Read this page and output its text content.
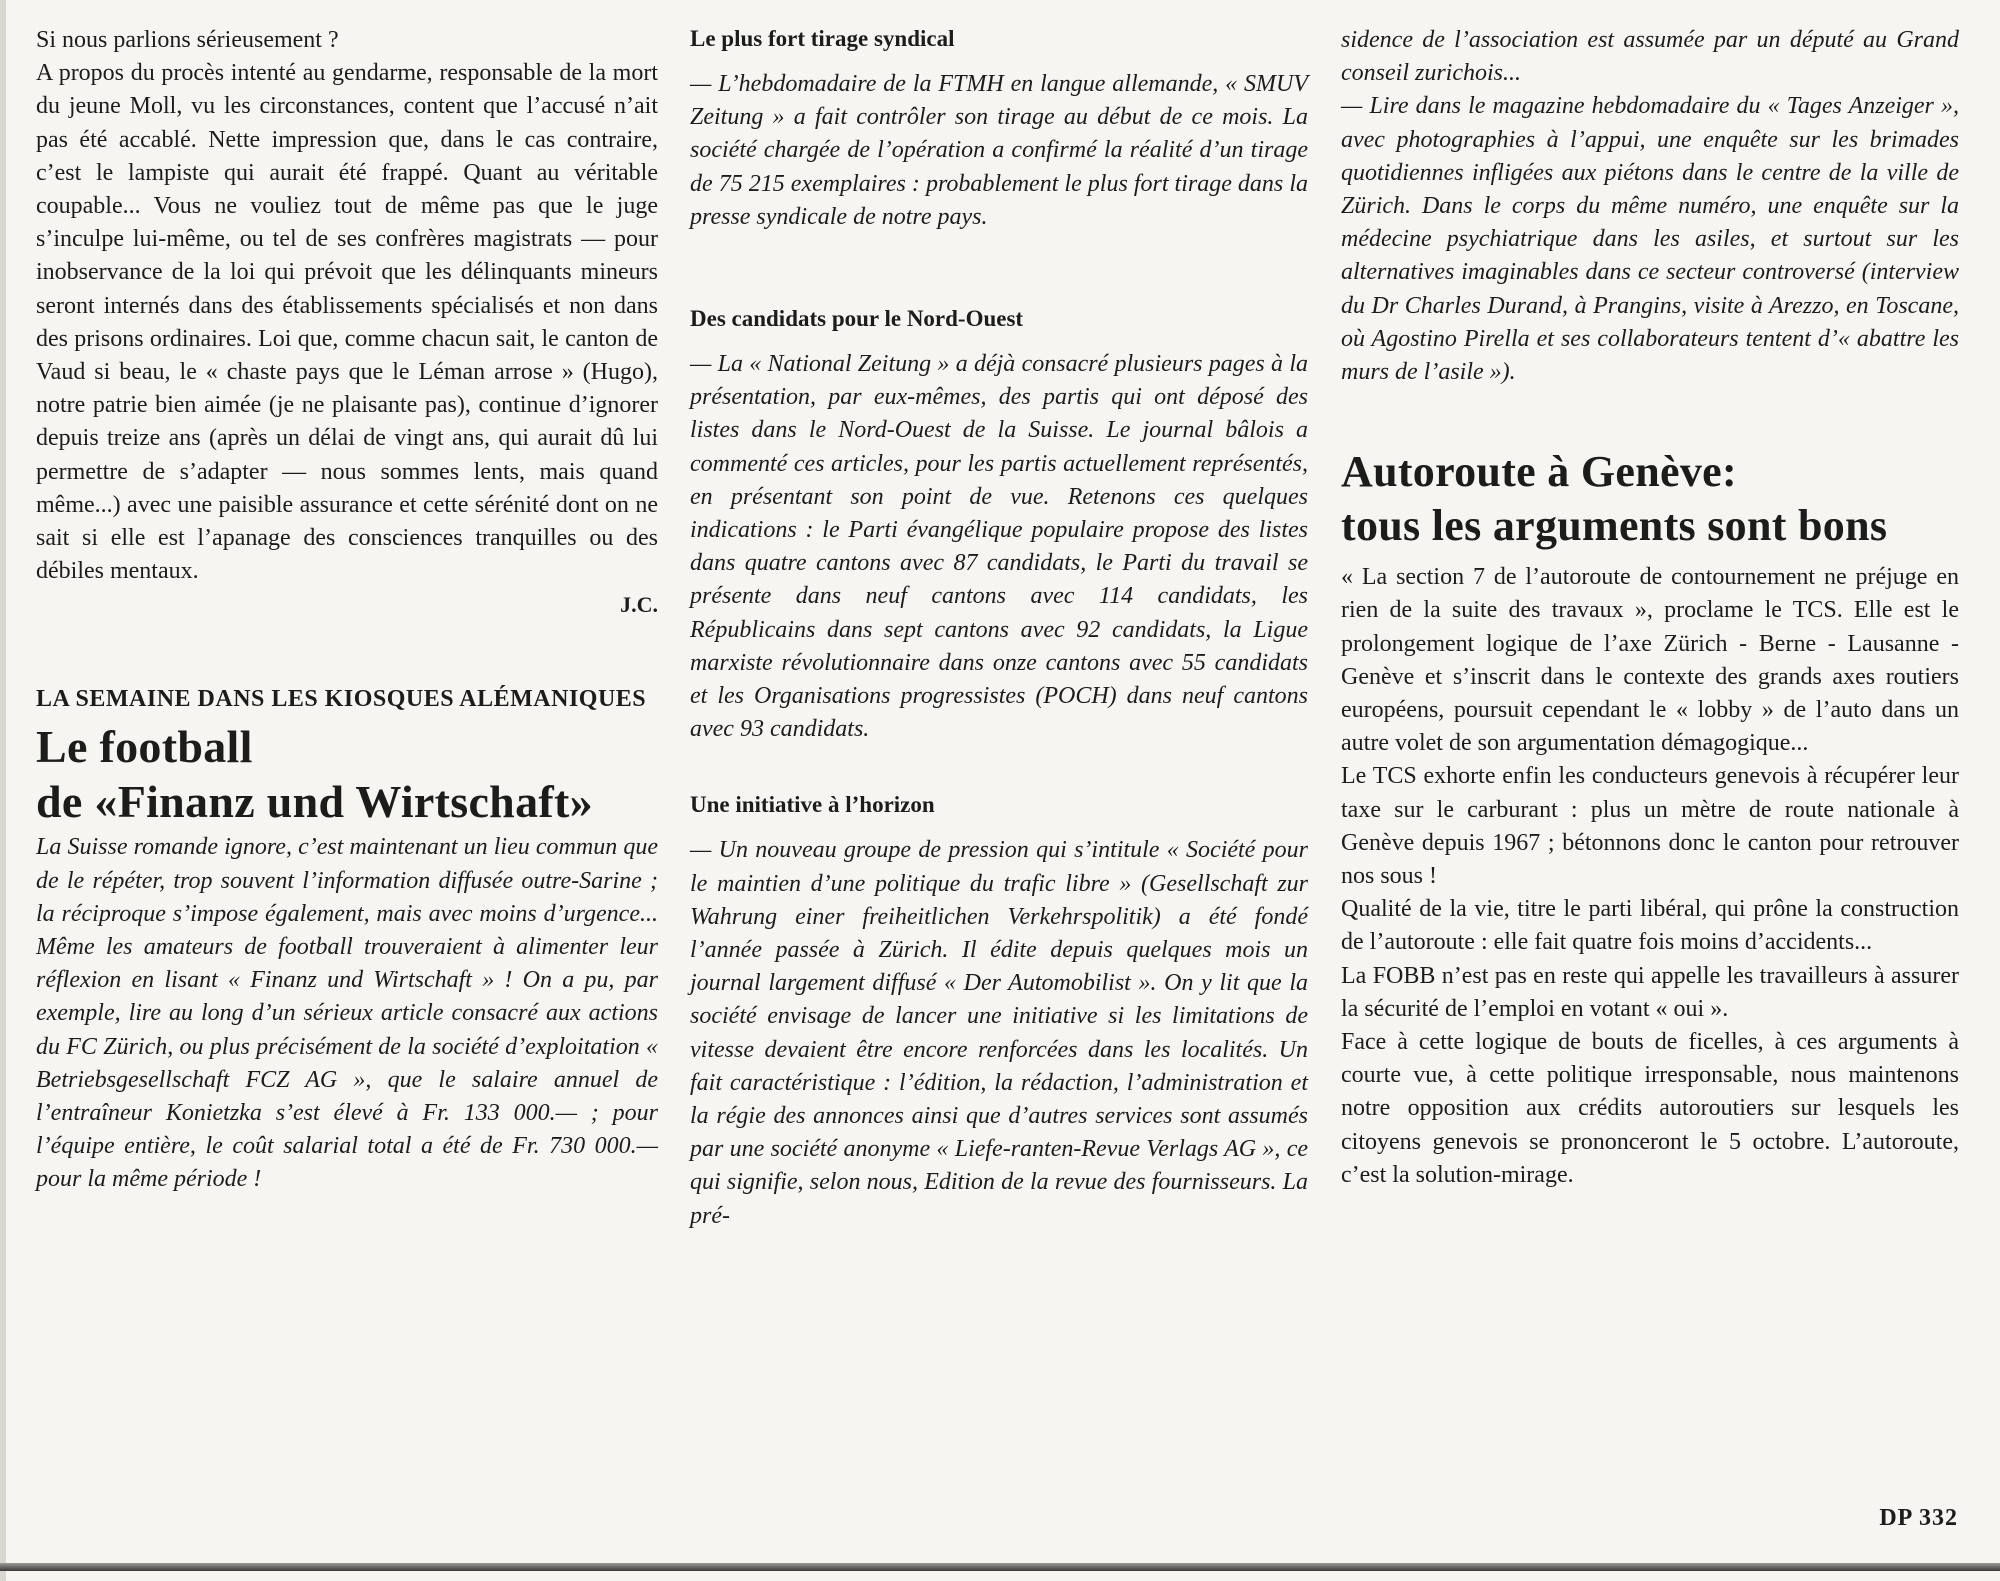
Si nous parlions sérieusement ?

A propos du procès intenté au gendarme, responsable de la mort du jeune Moll, vu les circonstances, content que l’accusé n’ait pas été accablé. Nette impression que, dans le cas contraire, c’est le lampiste qui aurait été frappé. Quant au véritable coupable... Vous ne vouliez tout de même pas que le juge s’inculpe lui-même, ou tel de ses confrères magistrats — pour inobservance de la loi qui prévoit que les délinquants mineurs seront internés dans des établissements spécialisés et non dans des prisons ordinaires. Loi que, comme chacun sait, le canton de Vaud si beau, le « chaste pays que le Léman arrose » (Hugo), notre patrie bien aimée (je ne plaisante pas), continue d’ignorer depuis treize ans (après un délai de vingt ans, qui aurait dû lui permettre de s’adapter — nous sommes lents, mais quand même...) avec une paisible assurance et cette sérénité dont on ne sait si elle est l’apanage des consciences tranquilles ou des débiles mentaux.

J.C.

LA SEMAINE DANS LES KIOSQUES ALÉMANIQUES

Le football
de «Finanz und Wirtschaft»

La Suisse romande ignore, c’est maintenant un lieu commun que de le répéter, trop souvent l’information diffusée outre-Sarine ; la réciproque s’impose également, mais avec moins d’urgence... Même les amateurs de football trouveraient à alimenter leur réflexion en lisant « Finanz und Wirtschaft » ! On a pu, par exemple, lire au long d’un sérieux article consacré aux actions du FC Zürich, ou plus précisément de la société d’exploitation « Betriebsgesellschaft FCZ AG », que le salaire annuel de l’entraîneur Konietzka s’est élevé à Fr. 133 000.— ; pour l’équipe entière, le coût salarial total a été de Fr. 730 000.— pour la même période !

Le plus fort tirage syndical

— L’hebdomadaire de la FTMH en langue allemande, « SMUV Zeitung » a fait contrôler son tirage au début de ce mois. La société chargée de l’opération a confirmé la réalité d’un tirage de 75 215 exemplaires : probablement le plus fort tirage dans la presse syndicale de notre pays.

Des candidats pour le Nord-Ouest

— La « National Zeitung » a déjà consacré plusieurs pages à la présentation, par eux-mêmes, des partis qui ont déposé des listes dans le Nord-Ouest de la Suisse. Le journal bâlois a commenté ces articles, pour les partis actuellement représentés, en présentant son point de vue. Retenons ces quelques indications : le Parti évangélique populaire propose des listes dans quatre cantons avec 87 candidats, le Parti du travail se présente dans neuf cantons avec 114 candidats, les Républicains dans sept cantons avec 92 candidats, la Ligue marxiste révolutionnaire dans onze cantons avec 55 candidats et les Organisations progressistes (POCH) dans neuf cantons avec 93 candidats.

Une initiative à l’horizon

— Un nouveau groupe de pression qui s’intitule « Société pour le maintien d’une politique du trafic libre » (Gesellschaft zur Wahrung einer freiheitlichen Verkehrspolitik) a été fondé l’année passée à Zürich. Il édite depuis quelques mois un journal largement diffusé « Der Automobilist ». On y lit que la société envisage de lancer une initiative si les limitations de vitesse devaient être encore renforcées dans les localités. Un fait caractéristique : l’édition, la rédaction, l’administration et la régie des annonces ainsi que d’autres services sont assumés par une société anonyme « Liefe-ranten-Revue Verlags AG », ce qui signifie, selon nous, Edition de la revue des fournisseurs. La pré-

sidence de l’association est assumée par un député au Grand conseil zurichois...

— Lire dans le magazine hebdomadaire du « Tages Anzeiger », avec photographies à l’appui, une enquête sur les brimades quotidiennes infligées aux piétons dans le centre de la ville de Zürich. Dans le corps du même numéro, une enquête sur la médecine psychiatrique dans les asiles, et surtout sur les alternatives imaginables dans ce secteur controversé (interview du Dr Charles Durand, à Prangins, visite à Arezzo, en Toscane, où Agostino Pirella et ses collaborateurs tentent d’« abattre les murs de l’asile »).

Autoroute à Genève:
tous les arguments sont bons

« La section 7 de l’autoroute de contournement ne préjuge en rien de la suite des travaux », proclame le TCS. Elle est le prolongement logique de l’axe Zürich - Berne - Lausanne - Genève et s’inscrit dans le contexte des grands axes routiers européens, poursuit cependant le « lobby » de l’auto dans un autre volet de son argumentation démagogique...

Le TCS exhorte enfin les conducteurs genevois à récupérer leur taxe sur le carburant : plus un mètre de route nationale à Genève depuis 1967 ; bétonnons donc le canton pour retrouver nos sous !

Qualité de la vie, titre le parti libéral, qui prône la construction de l’autoroute : elle fait quatre fois moins d’accidents...

La FOBB n’est pas en reste qui appelle les travailleurs à assurer la sécurité de l’emploi en votant « oui ».

Face à cette logique de bouts de ficelles, à ces arguments à courte vue, à cette politique irresponsable, nous maintenons notre opposition aux crédits autoroutiers sur lesquels les citoyens genevois se prononceront le 5 octobre. L’autoroute, c’est la solution-mirage.

DP 332
